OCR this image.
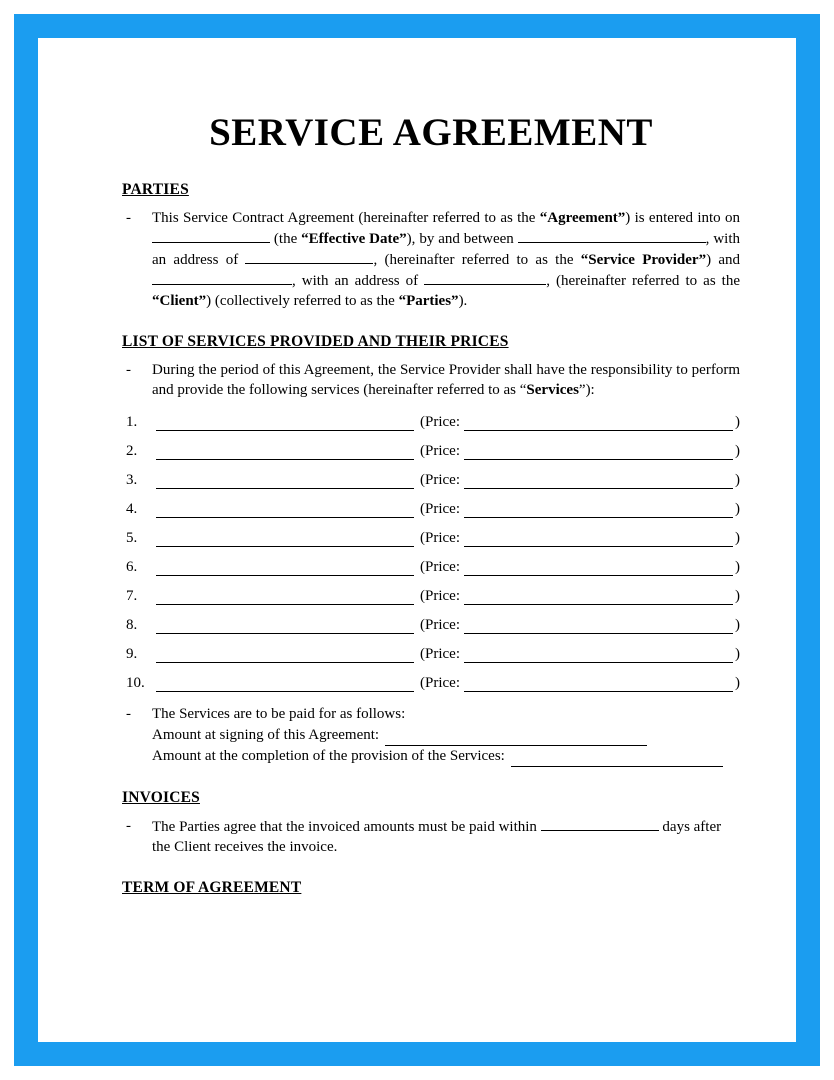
SERVICE AGREEMENT
PARTIES
-	This Service Contract Agreement (hereinafter referred to as the “Agreement”) is entered into on  (the “Effective Date”), by and between	, with an address of	, (hereinafter referred to as the “Service Provider”) and , with an address of	, (hereinafter referred to as the “Client”) (collectively referred to as the “Parties”).
LIST OF SERVICES PROVIDED AND THEIR PRICES
-	During the period of this Agreement, the Service Provider shall have the responsibility to perform and provide the following services (hereinafter referred to as “Services”):
1.	(Price:	)
2.	(Price:	)
3.	(Price:	)
4.	(Price:	)
5.	(Price:	)
6.	(Price:	)
7.	(Price:	)
8.	(Price:	)
9.	(Price:	)
10.	(Price:	)
-	The Services are to be paid for as follows:
Amount at signing of this Agreement:
Amount at the completion of the provision of the Services:
INVOICES
-	The Parties agree that the invoiced amounts must be paid within	days after the Client receives the invoice.
TERM OF AGREEMENT
